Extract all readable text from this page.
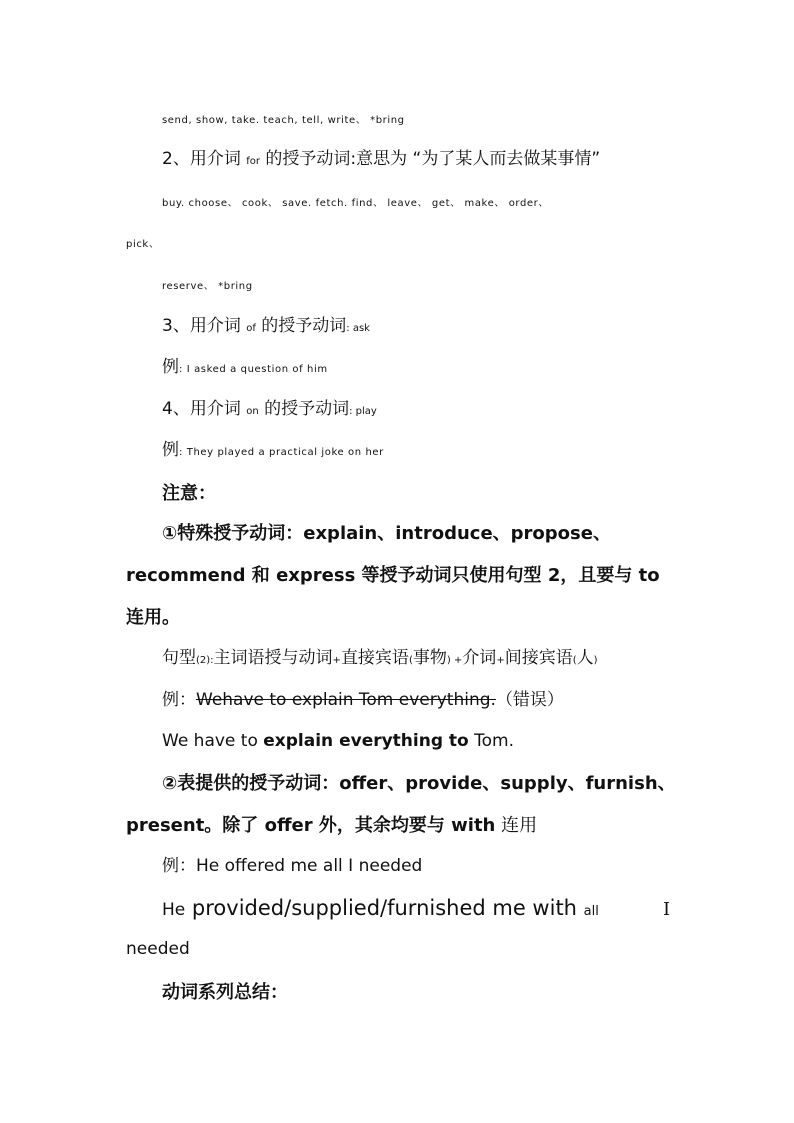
send, show, take. teach, tell, write、 *bring
2、用介词 for 的授予动词:意思为 “为了某人而去做某事情”
buy. choose、 cook、 save. fetch. find、 leave、 get、 make、 order、
pick、
reserve、 *bring
3、用介词 of 的授予动词: ask
例: I asked a question of him
4、用介词 on 的授予动词: play
例: They played a practical joke on her
注意：
①特殊授予动词：explain、introduce、propose、
recommend 和 express 等授予动词只使用句型 2，且要与 to
连用。
句型(2):主词语授与动词+直接宾语(事物) +介词+间接宾语(人)
例：Wehave to explain Tom everything.（错误）
We have to explain everything to Tom.
②表提供的授予动词：offer、provide、supply、furnish、
present。除了 offer 外，其余均要与 with 连用
例：He offered me all I needed
He provided/supplied/furnished me with all	I
needed
动词系列总结：
